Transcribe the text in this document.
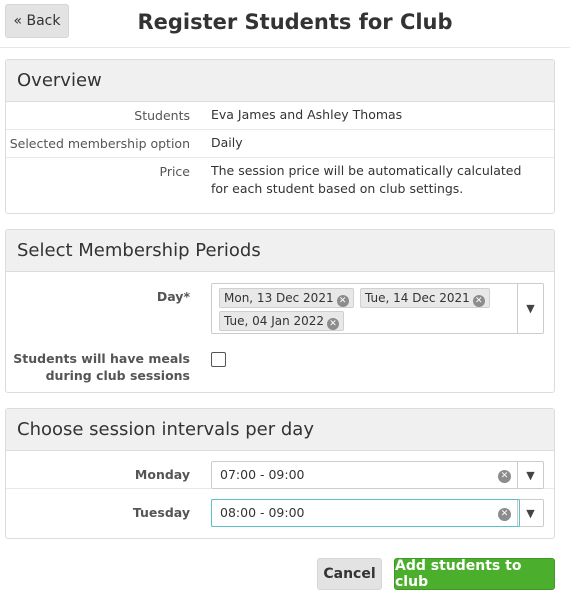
« Back	Register Students for Club
Overview
Students Eva James and Ashley Thomas
Selected membership option Daily
Price The session price will be automatically calculated
for each student based on club settings.
Select Membership Periods
Day*	Mon, 13 Dec 2021 ✕	Tue, 14 Dec 2021 ✕
Tue, 04 Jan 2022 ✕
▼
Students will have meals
during club sessions
Choose session intervals per day
Monday 07:00 - 09:00	✕	▼
Tuesday 08:00 - 09:00	✕	▼
Cancel	Add students to club
